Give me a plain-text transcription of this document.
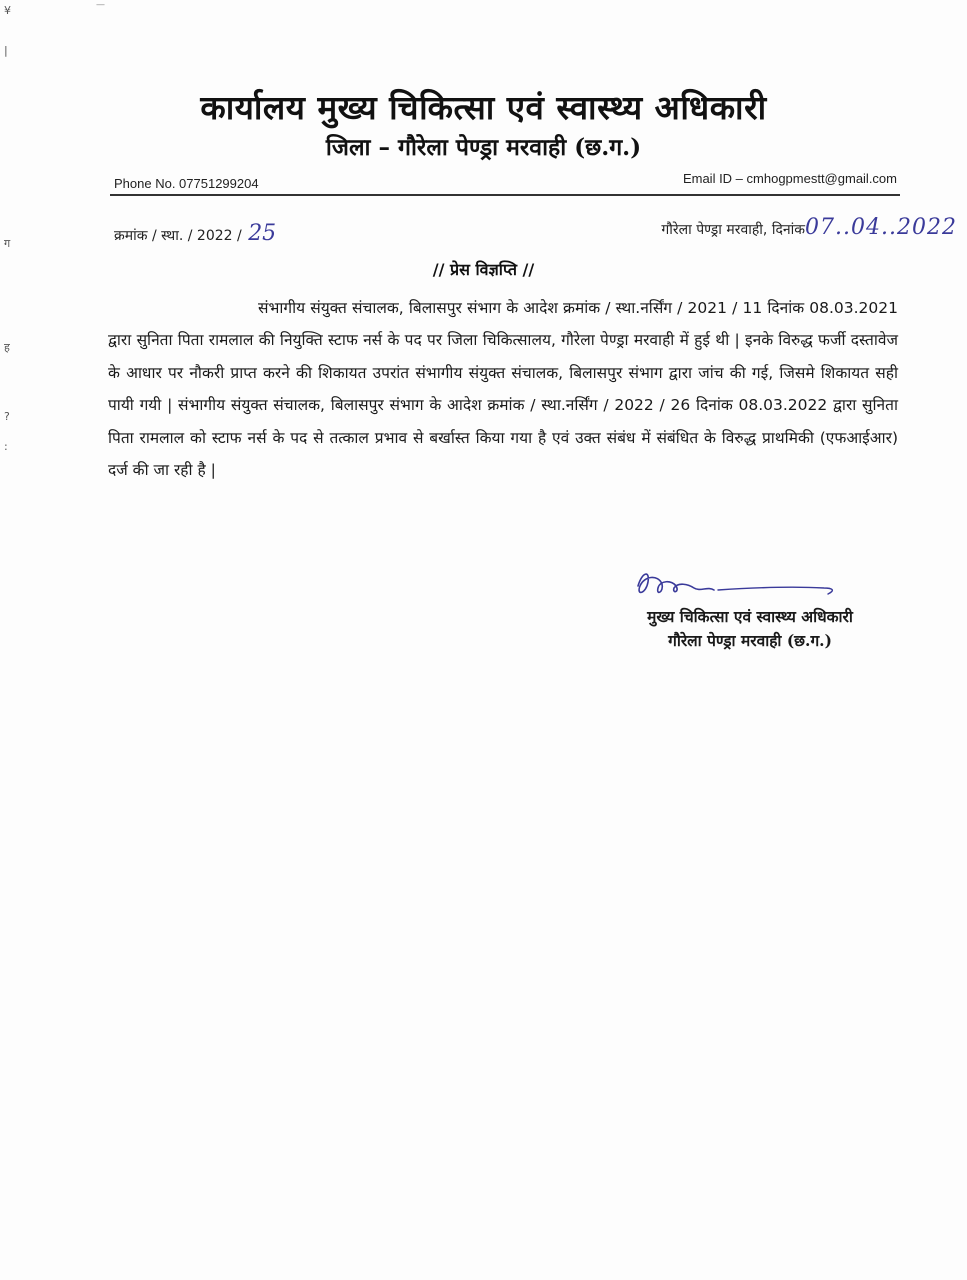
—
¥
|
ग
ह
?
:
कार्यालय मुख्य चिकित्सा एवं स्वास्थ्य अधिकारी
जिला – गौरेला पेण्ड्रा मरवाही (छ.ग.)
Phone No. 07751299204	Email ID – cmhogpmestt@gmail.com
क्रमांक / स्था. / 2022 / 25	गौरेला पेण्ड्रा मरवाही, दिनांक07..04..2022
// प्रेस विज्ञप्ति //

संभागीय संयुक्त संचालक, बिलासपुर संभाग के आदेश क्रमांक / स्था.नर्सिंग / 2021 / 11 दिनांक 08.03.2021 द्वारा सुनिता पिता रामलाल की नियुक्ति स्टाफ नर्स के पद पर जिला चिकित्सालय, गौरेला पेण्ड्रा मरवाही में हुई थी | इनके विरुद्ध फर्जी दस्तावेज के आधार पर नौकरी प्राप्त करने की शिकायत उपरांत संभागीय संयुक्त संचालक, बिलासपुर संभाग द्वारा जांच की गई, जिसमे शिकायत सही पायी गयी | संभागीय संयुक्त संचालक, बिलासपुर संभाग के आदेश क्रमांक / स्था.नर्सिंग / 2022 / 26 दिनांक 08.03.2022 द्वारा सुनिता पिता रामलाल को स्टाफ नर्स के पद से तत्काल प्रभाव से बर्खास्त किया गया है एवं उक्त संबंध में संबंधित के विरुद्ध प्राथमिकी (एफआईआर) दर्ज की जा रही है |

मुख्य चिकित्सा एवं स्वास्थ्य अधिकारी
गौरेला पेण्ड्रा मरवाही (छ.ग.)
